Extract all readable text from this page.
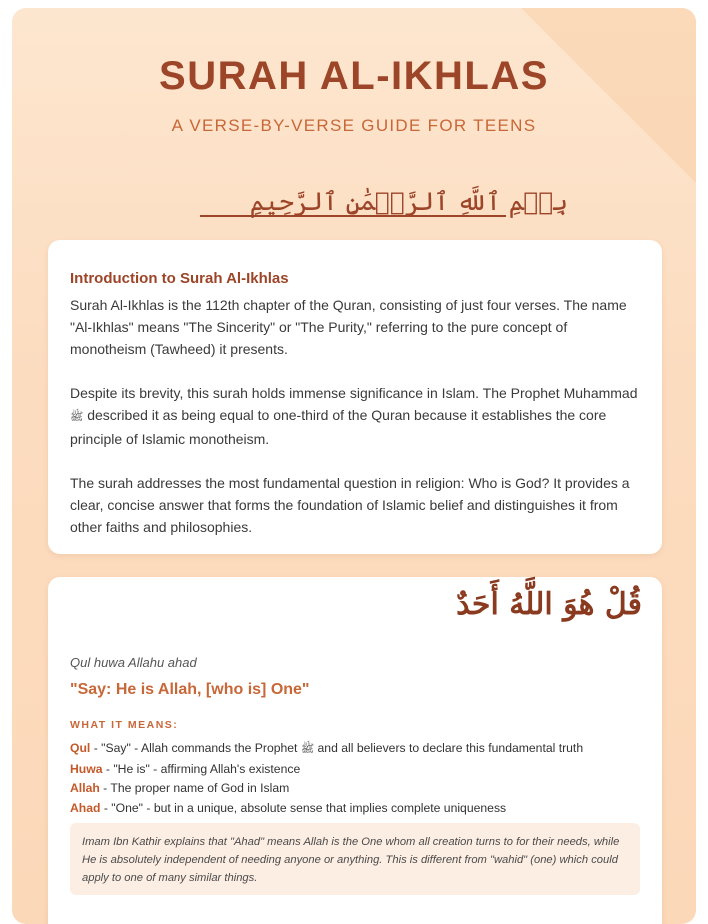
SURAH AL-IKHLAS
A VERSE-BY-VERSE GUIDE FOR TEENS
بِسۡمِ ٱللَّهِ ٱلرَّحۡمَٰنِ ٱلرَّحِيمِ
Introduction to Surah Al-Ikhlas

Surah Al-Ikhlas is the 112th chapter of the Quran, consisting of just four verses. The name "Al-Ikhlas" means "The Sincerity" or "The Purity," referring to the pure concept of monotheism (Tawheed) it presents.

Despite its brevity, this surah holds immense significance in Islam. The Prophet Muhammad ﷺ described it as being equal to one-third of the Quran because it establishes the core principle of Islamic monotheism.

The surah addresses the most fundamental question in religion: Who is God? It provides a clear, concise answer that forms the foundation of Islamic belief and distinguishes it from other faiths and philosophies.

قُلْ هُوَ اللَّهُ أَحَدٌ
Qul huwa Allahu ahad
"Say: He is Allah, [who is] One"
WHAT IT MEANS:
Qul - "Say" - Allah commands the Prophet ﷺ and all believers to declare this fundamental truth
Huwa - "He is" - affirming Allah's existence
Allah - The proper name of God in Islam
Ahad - "One" - but in a unique, absolute sense that implies complete uniqueness
Imam Ibn Kathir explains that "Ahad" means Allah is the One whom all creation turns to for their needs, while He is absolutely independent of needing anyone or anything. This is different from "wahid" (one) which could apply to one of many similar things.
